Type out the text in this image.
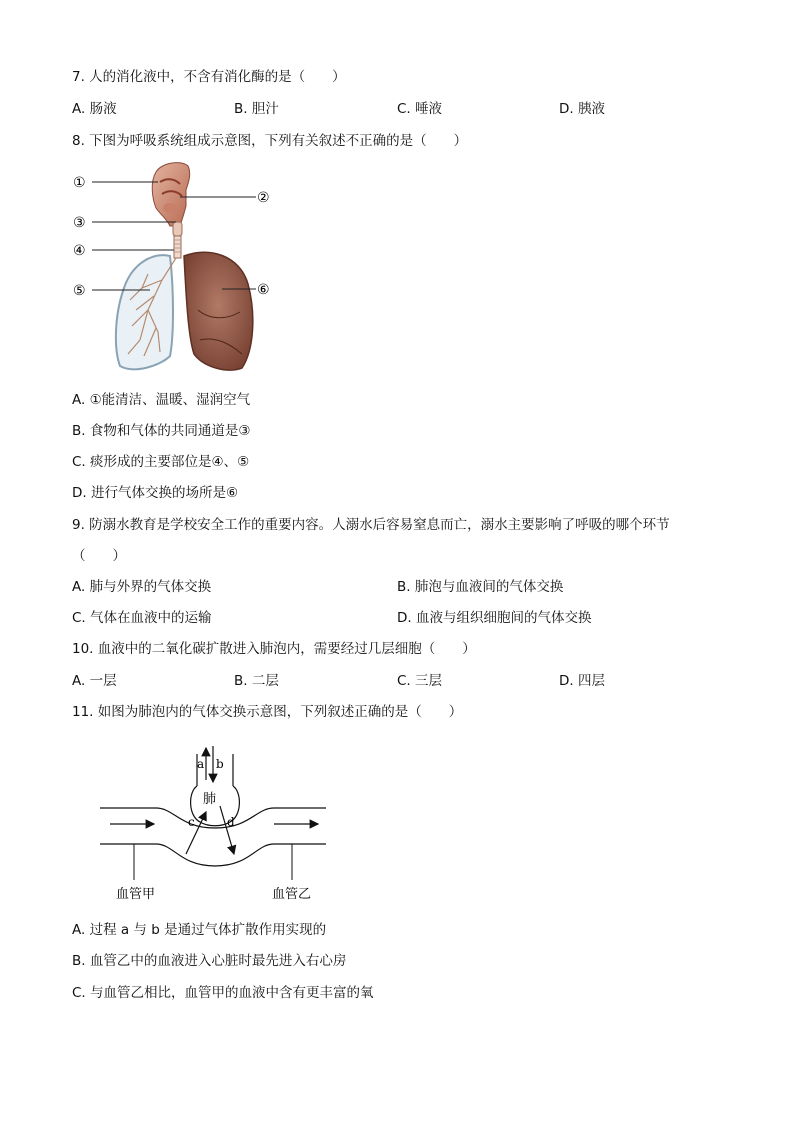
7. 人的消化液中，不含有消化酶的是（　　）
A. 肠液	B. 胆汁	C. 唾液	D. 胰液
8. 下图为呼吸系统组成示意图，下列有关叙述不正确的是（　　）
①
②
③
④
⑤	⑥
A. ①能清洁、温暖、湿润空气
B. 食物和气体的共同通道是③
C. 痰形成的主要部位是④、⑤
D. 进行气体交换的场所是⑥
9. 防溺水教育是学校安全工作的重要内容。人溺水后容易窒息而亡，溺水主要影响了呼吸的哪个环节
（　　）
A. 肺与外界的气体交换	B. 肺泡与血液间的气体交换
C. 气体在血液中的运输	D. 血液与组织细胞间的气体交换
10. 血液中的二氧化碳扩散进入肺泡内，需要经过几层细胞（　　）
A. 一层	B. 二层	C. 三层	D. 四层
11. 如图为肺泡内的气体交换示意图，下列叙述正确的是（　　）
a b
肺
c	d
血管甲	血管乙
A. 过程 a 与 b 是通过气体扩散作用实现的
B. 血管乙中的血液进入心脏时最先进入右心房
C. 与血管乙相比，血管甲的血液中含有更丰富的氧
